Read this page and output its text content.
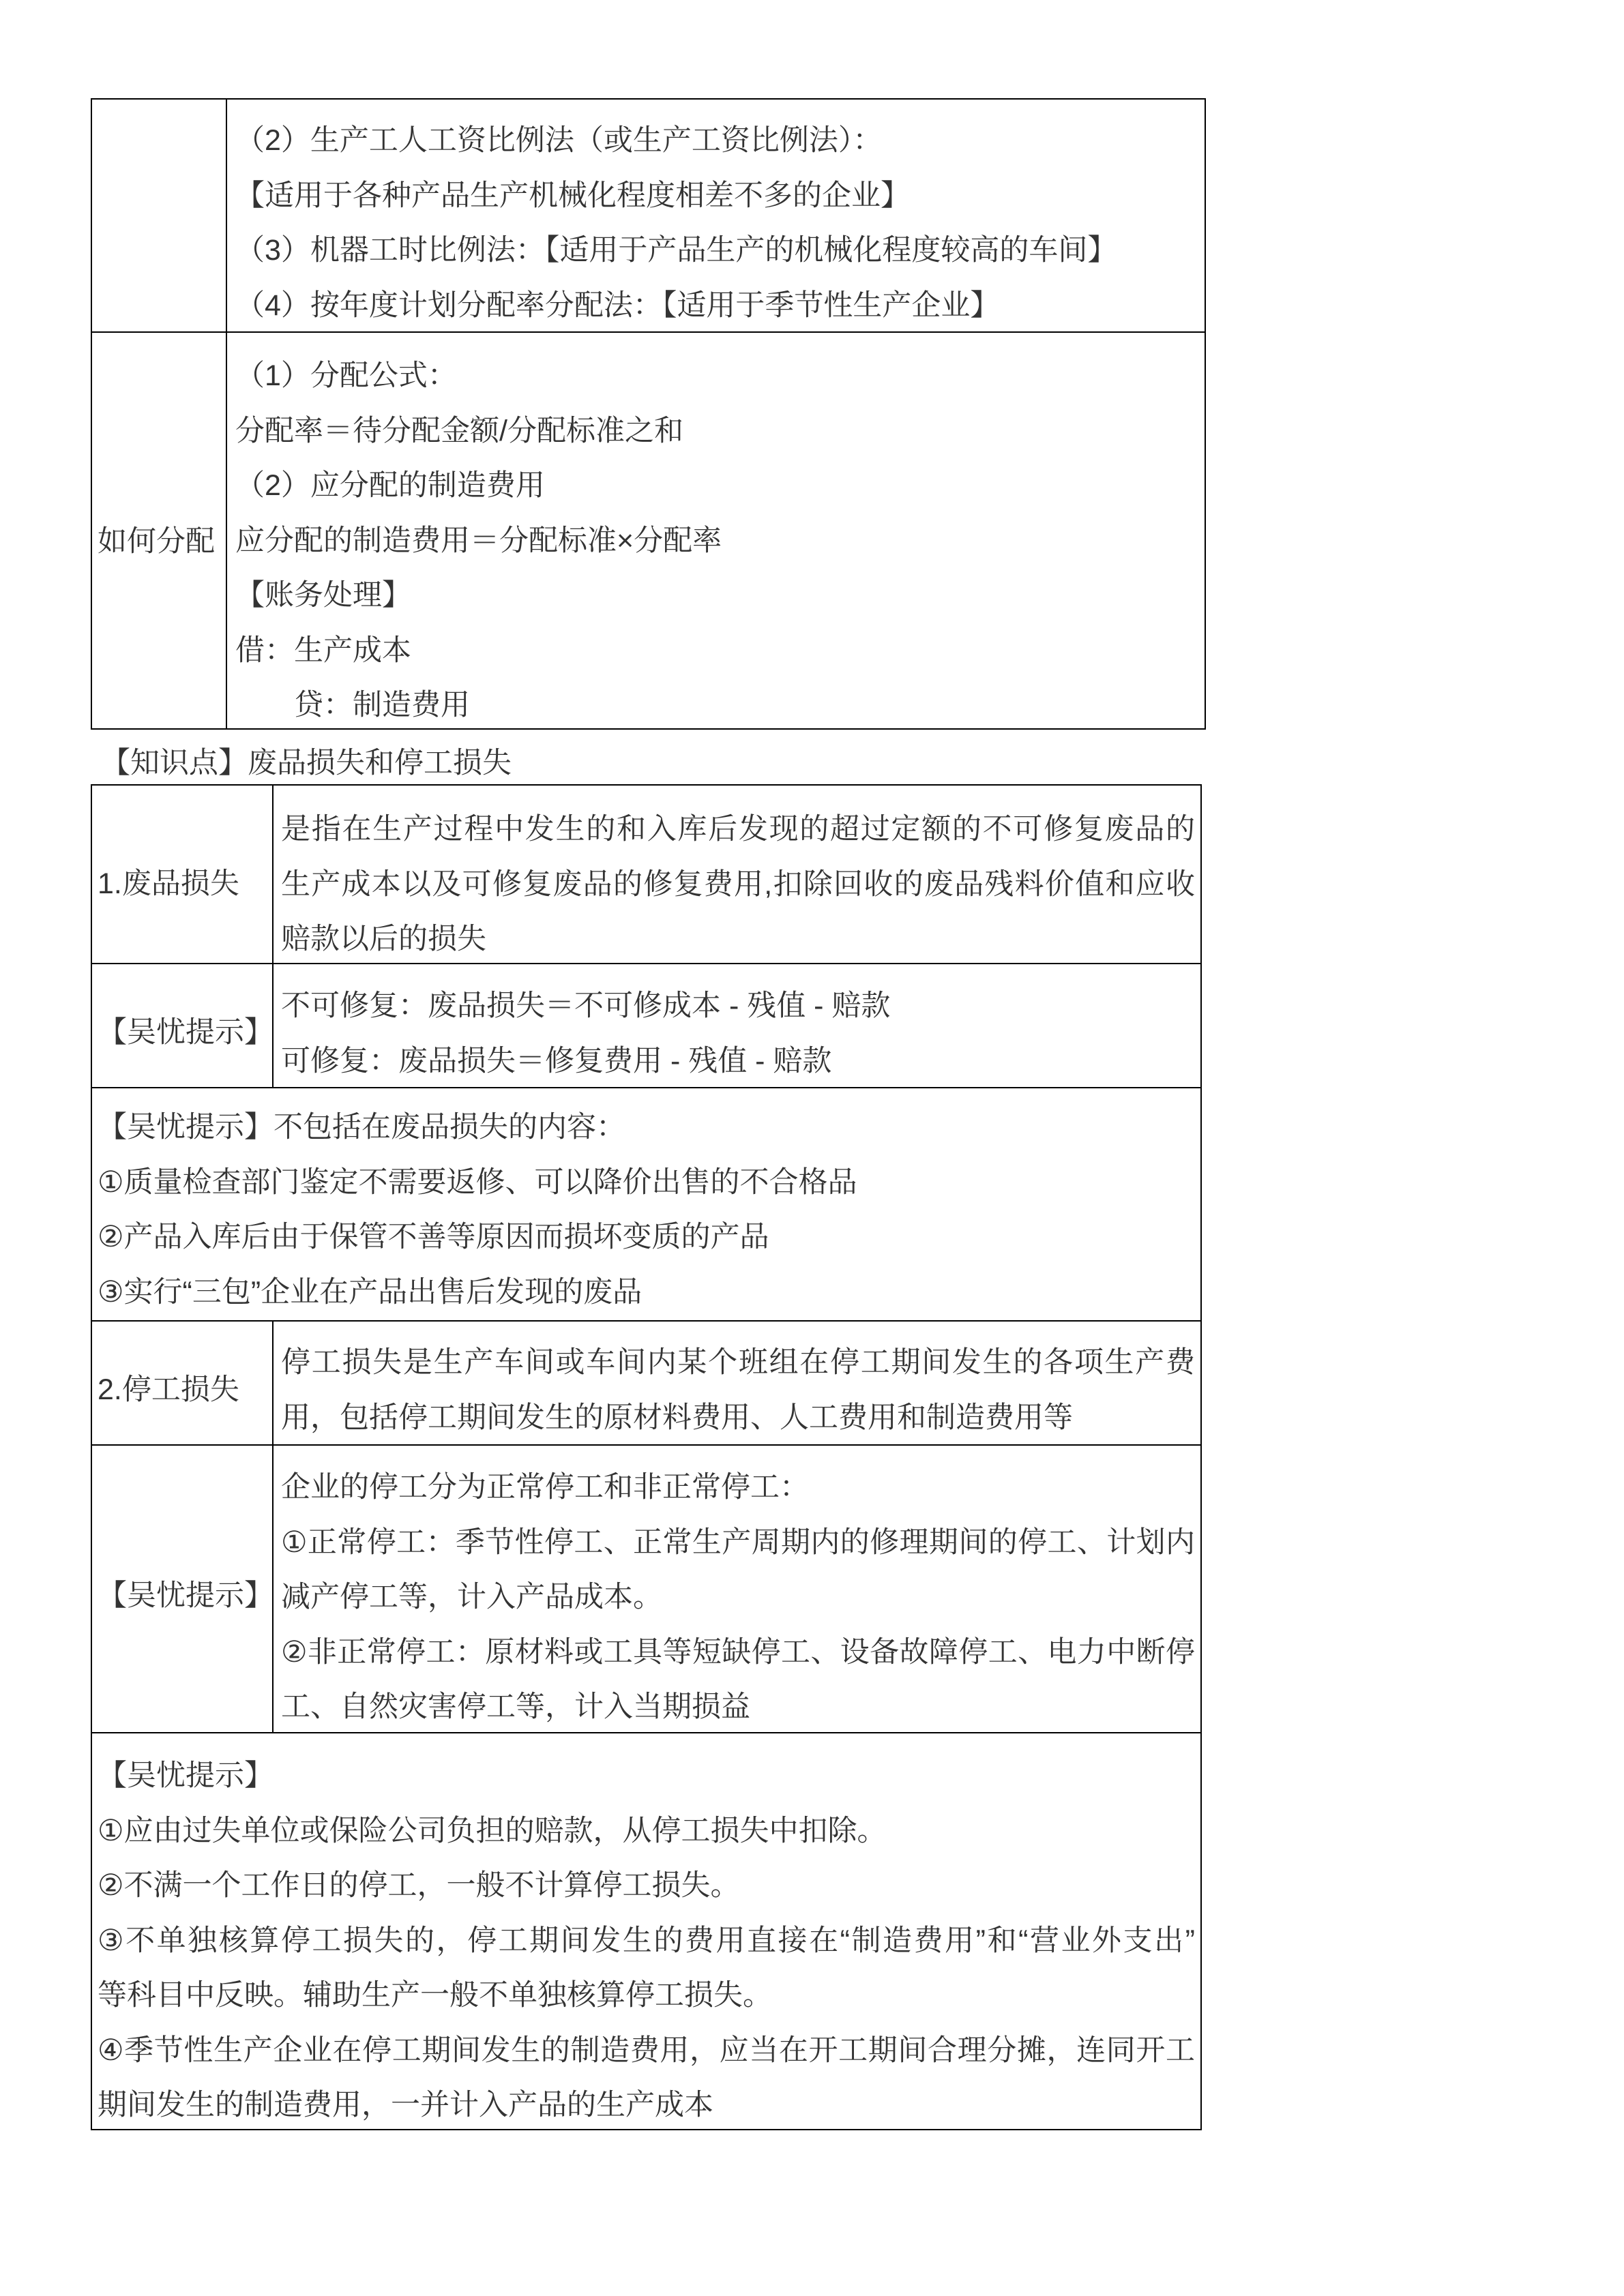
（2）生产工人工资比例法（或生产工资比例法）：
【适用于各种产品生产机械化程度相差不多的企业】
（3）机器工时比例法：【适用于产品生产的机械化程度较高的车间】
（4）按年度计划分配率分配法：【适用于季节性生产企业】
如何分配
（1）分配公式：
分配率＝待分配金额/分配标准之和
（2）应分配的制造费用
应分配的制造费用＝分配标准×分配率
【账务处理】
借：生产成本
　　贷：制造费用
【知识点】废品损失和停工损失
1.废品损失
是指在生产过程中发生的和入库后发现的超过定额的不可修复废品的
生产成本以及可修复废品的修复费用,扣除回收的废品残料价值和应收
赔款以后的损失
【吴忧提示】
不可修复：废品损失＝不可修成本 - 残值 - 赔款
可修复：废品损失＝修复费用 - 残值 - 赔款
【吴忧提示】不包括在废品损失的内容：
①质量检查部门鉴定不需要返修、可以降价出售的不合格品
②产品入库后由于保管不善等原因而损坏变质的产品
③实行“三包”企业在产品出售后发现的废品
2.停工损失
停工损失是生产车间或车间内某个班组在停工期间发生的各项生产费
用，包括停工期间发生的原材料费用、人工费用和制造费用等
【吴忧提示】
企业的停工分为正常停工和非正常停工：
①正常停工：季节性停工、正常生产周期内的修理期间的停工、计划内
减产停工等，计入产品成本。
②非正常停工：原材料或工具等短缺停工、设备故障停工、电力中断停
工、自然灾害停工等，计入当期损益
【吴忧提示】
①应由过失单位或保险公司负担的赔款，从停工损失中扣除。
②不满一个工作日的停工，一般不计算停工损失。
③不单独核算停工损失的，停工期间发生的费用直接在“制造费用”和“营业外支出”
等科目中反映。辅助生产一般不单独核算停工损失。
④季节性生产企业在停工期间发生的制造费用，应当在开工期间合理分摊，连同开工
期间发生的制造费用，一并计入产品的生产成本
